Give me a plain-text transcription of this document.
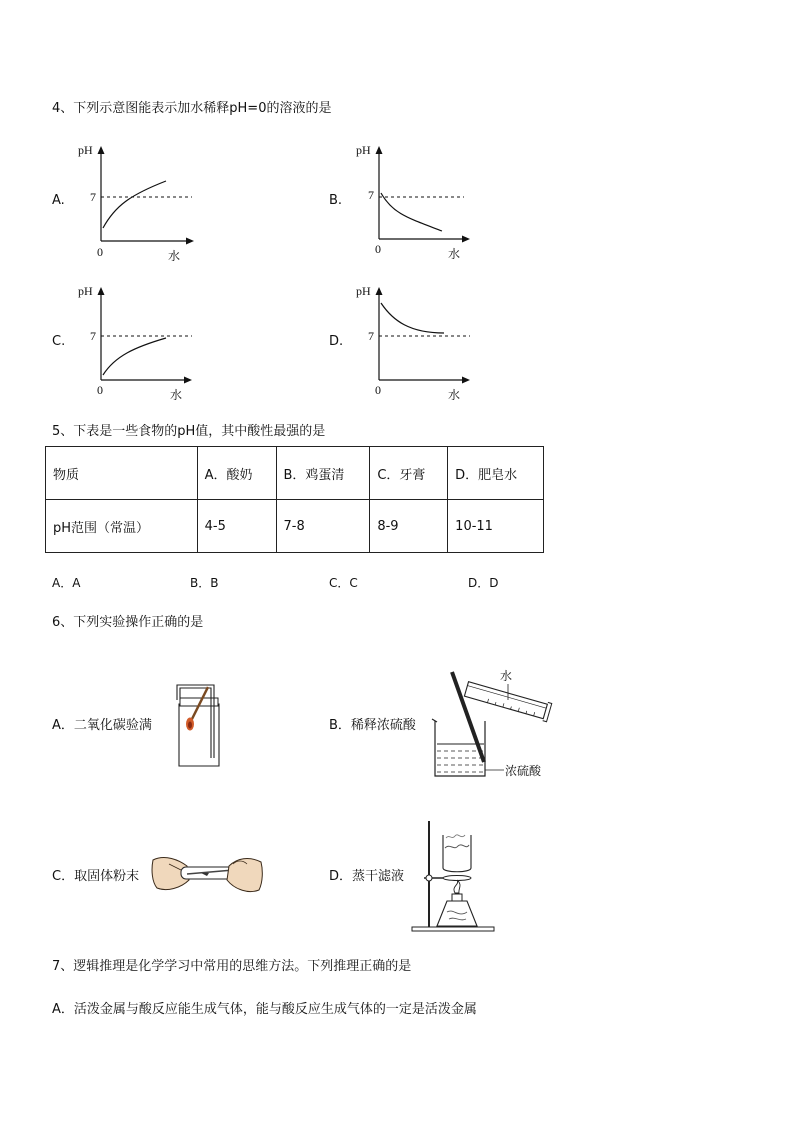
4、下列示意图能表示加水稀释pH=0的溶液的是
A.
pH
7
0	水
B.
pH
7
0	水
C.
pH
7
0	水
D.
pH
7
0	水
5、下表是一些食物的pH值，其中酸性最强的是
物质	A．酸奶	B．鸡蛋清	C．牙膏	D．肥皂水
pH范围（常温）	4-5	7-8	8-9	10-11
A．A	B．B	C．C	D．D
6、下列实验操作正确的是
A．二氧化碳验满
水
浓硫酸
B．稀释浓硫酸
C．取固体粉末	D．蒸干滤液
7、逻辑推理是化学学习中常用的思维方法。下列推理正确的是
A．活泼金属与酸反应能生成气体，能与酸反应生成气体的一定是活泼金属
